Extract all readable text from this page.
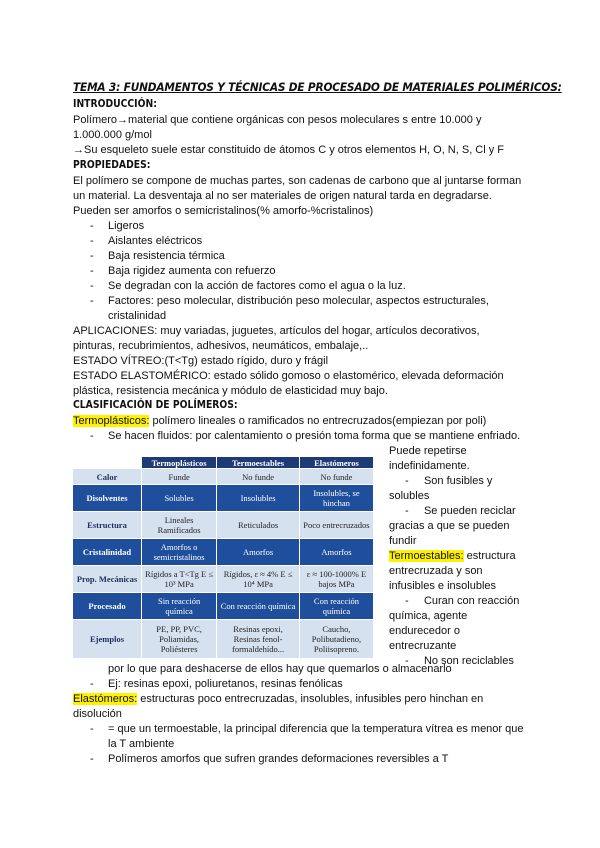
TEMA 3: FUNDAMENTOS Y TÉCNICAS DE PROCESADO DE MATERIALES POLIMÉRICOS:
INTRODUCCIÓN:
Polímero→material que contiene orgánicas con pesos moleculares s entre 10.000 y
1.000.000 g/mol
→Su esqueleto suele estar constituido de átomos C y otros elementos H, O, N, S, Cl y F
PROPIEDADES:
El polímero se compone de muchas partes, son cadenas de carbono que al juntarse forman
un material. La desventaja al no ser materiales de origen natural tarda en degradarse.
Pueden ser amorfos o semicristalinos(% amorfo-%cristalinos)
- Ligeros
- Aislantes eléctricos
- Baja resistencia térmica
- Baja rigidez aumenta con refuerzo
- Se degradan con la acción de factores como el agua o la luz.
- Factores: peso molecular, distribución peso molecular, aspectos estructurales,
cristalinidad
APLICACIONES: muy variadas, juguetes, artículos del hogar, artículos decorativos,
pinturas, recubrimientos, adhesivos, neumáticos, embalaje,..
ESTADO VÍTREO:(T<Tg) estado rígido, duro y frágil
ESTADO ELASTOMÉRICO: estado sólido gomoso o elastomérico, elevada deformación
plástica, resistencia mecánica y módulo de elasticidad muy bajo.
CLASIFICACIÓN DE POLÍMEROS:
Termoplásticos: polímero lineales o ramificados no entrecruzados(empiezan por poli)
- Se hacen fluidos: por calentamiento o presión toma forma que se mantiene enfriado.
Puede repetirse
indefinidamente.
-     Son fusibles y
solubles
-     Se pueden reciclar
gracias a que se pueden
fundir
Termoestables: estructura
entrecruzada y son
infusibles e insolubles
-     Curan con reacción
química, agente
endurecedor o
entrecruzante
-     No son reciclables
	Termoplásticos	Termoestables	Elastómeros
Calor	Funde	No funde	No funde
Disolventes	Solubles	Insolubles	Insolubles, se hinchan
Estructura	Lineales Ramificados	Reticulados	Poco entrecruzados
Cristalinidad	Amorfos o semicristalinos	Amorfos	Amorfos
Prop. Mecánicas	Rígidos a T<Tg E ≤ 10³ MPa	Rígidos, ε ≈ 4% E ≤ 10⁴ MPa	ε ≈ 100-1000% E bajos MPa
Procesado	Sin reacción química	Con reacción química	Con reacción química
Ejemplos	PE, PP, PVC, Poliamidas, Poliésteres	Resinas epoxi, Resinas fenol-formaldehído...	Caucho, Polibutadieno, Poliisopreno.
por lo que para deshacerse de ellos hay que quemarlos o almacenarlo
- Ej: resinas epoxi, poliuretanos, resinas fenólicas
Elastómeros: estructuras poco entrecruzadas, insolubles, infusibles pero hinchan en
disolución
- = que un termoestable, la principal diferencia que la temperatura vítrea es menor que
la T ambiente
- Polímeros amorfos que sufren grandes deformaciones reversibles a T
